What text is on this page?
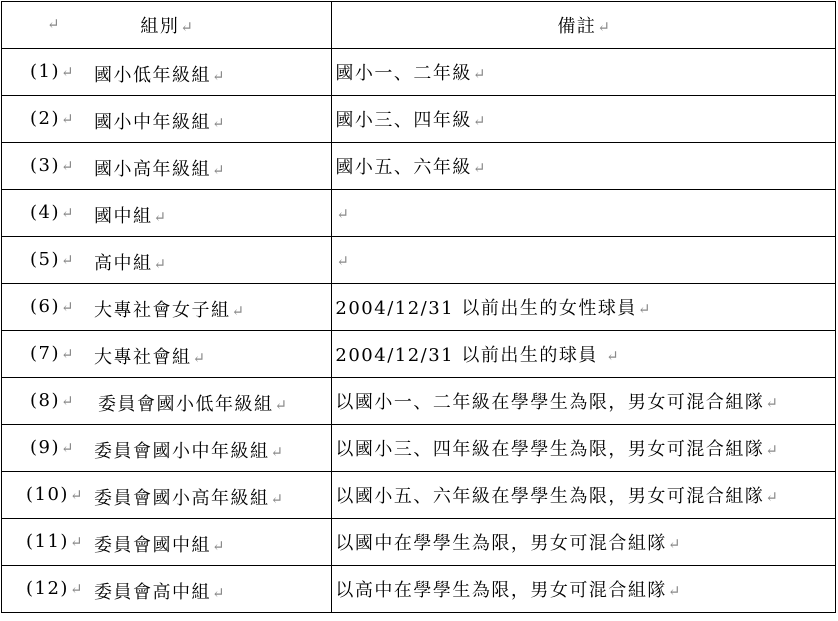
↵ 組別↵	備註↵

(1)↵ 國小低年級組↵	國小一、二年級↵

(2)↵ 國小中年級組↵	國小三、四年級↵

(3)↵ 國小高年級組↵	國小五、六年級↵

(4)↵ 國中組↵	↵

(5)↵ 高中組↵	↵

(6)↵ 大專社會女子組↵	2004/12/31 以前出生的女性球員↵

(7)↵ 大專社會組↵	2004/12/31 以前出生的球員 ↵

(8)↵ 委員會國小低年級組↵	以國小一、二年級在學學生為限，男女可混合組隊↵

(9)↵ 委員會國小中年級組↵	以國小三、四年級在學學生為限，男女可混合組隊↵

(10)↵ 委員會國小高年級組↵	以國小五、六年級在學學生為限，男女可混合組隊↵

(11)↵ 委員會國中組↵	以國中在學學生為限，男女可混合組隊↵

(12)↵ 委員會高中組↵	以高中在學學生為限，男女可混合組隊↵
